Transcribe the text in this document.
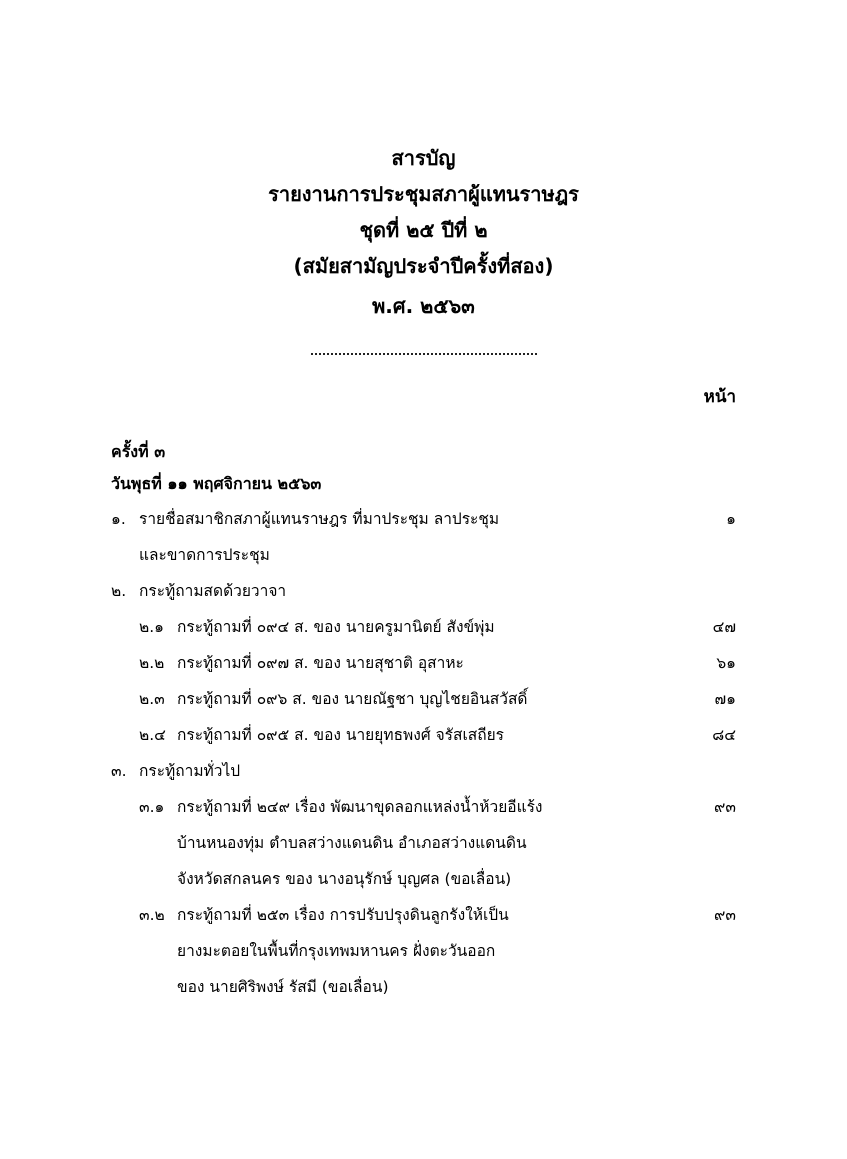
สารบัญ
รายงานการประชุมสภาผู้แทนราษฎร
ชุดที่ ๒๕ ปีที่ ๒
(สมัยสามัญประจำปีครั้งที่สอง)
พ.ศ. ๒๕๖๓
หน้า
ครั้งที่ ๓
วันพุธที่ ๑๑ พฤศจิกายน ๒๕๖๓
๑. รายชื่อสมาชิกสภาผู้แทนราษฎร ที่มาประชุม ลาประชุม	๑
และขาดการประชุม
๒. กระทู้ถามสดด้วยวาจา
๒.๑ กระทู้ถามที่ ๐๙๔ ส. ของ นายครูมานิตย์ สังข์พุ่ม	๔๗
๒.๒ กระทู้ถามที่ ๐๙๗ ส. ของ นายสุชาติ อุสาหะ	๖๑
๒.๓ กระทู้ถามที่ ๐๙๖ ส. ของ นายณัฐชา บุญไชยอินสวัสดิ์	๗๑
๒.๔ กระทู้ถามที่ ๐๙๕ ส. ของ นายยุทธพงศ์ จรัสเสถียร	๘๔
๓. กระทู้ถามทั่วไป
๓.๑ กระทู้ถามที่ ๒๔๙ เรื่อง พัฒนาขุดลอกแหล่งน้ำห้วยอีแร้ง	๙๓
บ้านหนองทุ่ม ตำบลสว่างแดนดิน อำเภอสว่างแดนดิน
จังหวัดสกลนคร ของ นางอนุรักษ์ บุญศล (ขอเลื่อน)
๓.๒ กระทู้ถามที่ ๒๕๓ เรื่อง การปรับปรุงดินลูกรังให้เป็น	๙๓
ยางมะตอยในพื้นที่กรุงเทพมหานคร ฝั่งตะวันออก
ของ นายศิริพงษ์ รัสมี (ขอเลื่อน)
